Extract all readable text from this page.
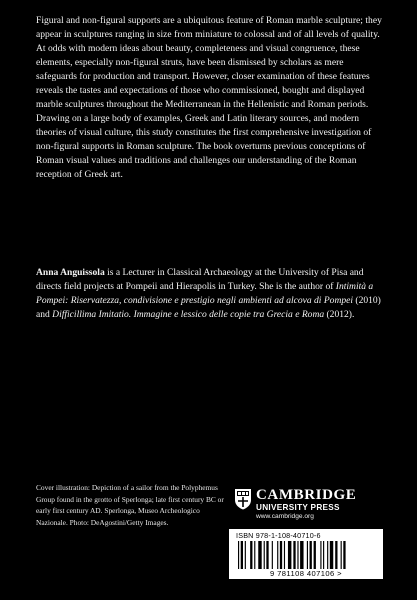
Figural and non-figural supports are a ubiquitous feature of Roman marble sculpture; they appear in sculptures ranging in size from miniature to colossal and of all levels of quality. At odds with modern ideas about beauty, completeness and visual congruence, these elements, especially non-figural struts, have been dismissed by scholars as mere safeguards for production and transport. However, closer examination of these features reveals the tastes and expectations of those who commissioned, bought and displayed marble sculptures throughout the Mediterranean in the Hellenistic and Roman periods. Drawing on a large body of examples, Greek and Latin literary sources, and modern theories of visual culture, this study constitutes the first comprehensive investigation of non-figural supports in Roman sculpture. The book overturns previous conceptions of Roman visual values and traditions and challenges our understanding of the Roman reception of Greek art.

Anna Anguissola is a Lecturer in Classical Archaeology at the University of Pisa and directs field projects at Pompeii and Hierapolis in Turkey. She is the author of Intimità a Pompei: Riservatezza, condivisione e prestigio negli ambienti ad alcova di Pompei (2010) and Difficillima Imitatio. Immagine e lessico delle copie tra Grecia e Roma (2012).

Cover illustration: Depiction of a sailor from the Polyphemus Group found in the grotto of Sperlonga; late first century BC or early first century AD. Sperlonga, Museo Archeologico Nazionale. Photo: DeAgostini/Getty Images.

CAMBRIDGE
UNIVERSITY PRESS
www.cambridge.org
ISBN 978-1-108-40710-6
9 781108 407106 >
